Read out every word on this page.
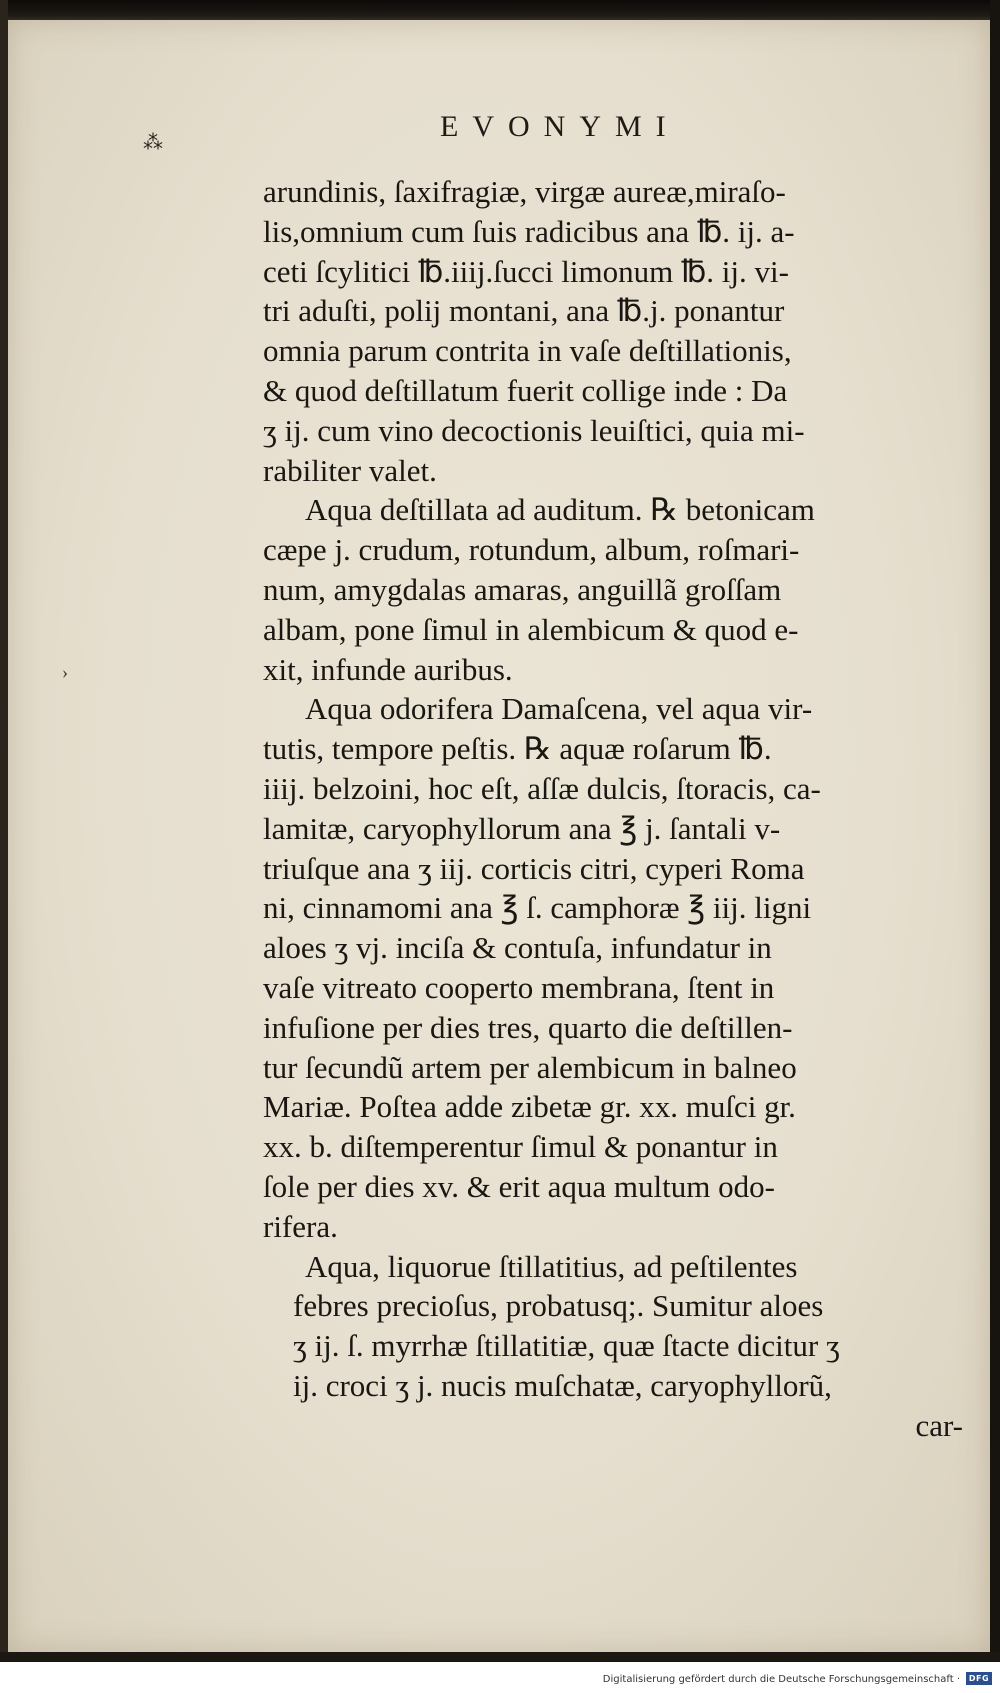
⁂	EVONYMI
›
arundinis, ſaxifragiæ, virgæ aureæ,miraſo-
lis,omnium cum ſuis radicibus ana ℔. ij. a-
ceti ſcylitici ℔.iiij.ſucci limonum ℔. ij. vi-
tri aduſti, polij montani, ana ℔.j. ponantur
omnia parum contrita in vaſe deſtillationis,
& quod deſtillatum fuerit collige inde : Da
ʒ ij. cum vino decoctionis leuiſtici, quia mi-
rabiliter valet.
Aqua deſtillata ad auditum. ℞ betonicam
cæpe j. crudum, rotundum, album, roſmari-
num, amygdalas amaras, anguillã groſſam
albam, pone ſimul in alembicum & quod e-
xit, infunde auribus.
Aqua odorifera Damaſcena, vel aqua vir-
tutis, tempore peſtis. ℞ aquæ roſarum ℔.
iiij. belzoini, hoc eſt, aſſæ dulcis, ſtoracis, ca-
lamitæ, caryophyllorum ana ℥ j. ſantali v-
triuſque ana ʒ iij. corticis citri, cyperi Roma
ni, cinnamomi ana ℥ ſ. camphoræ ℥ iij. ligni
aloes ʒ vj. inciſa & contuſa, infundatur in
vaſe vitreato cooperto membrana, ſtent in
infuſione per dies tres, quarto die deſtillen-
tur ſecundũ artem per alembicum in balneo
Mariæ. Poſtea adde zibetæ gr. xx. muſci gr.
xx. b. diſtemperentur ſimul & ponantur in
ſole per dies xv. & erit aqua multum odo-
rifera.
Aqua, liquorue ſtillatitius, ad peſtilentes
febres precioſus, probatusq;. Sumitur aloes
ʒ ij. ſ. myrrhæ ſtillatitiæ, quæ ſtacte dicitur ʒ
ij. croci ʒ j. nucis muſchatæ, caryophyllorũ,
car-
Digitalisierung gefördert durch die Deutsche Forschungsgemeinschaft ·	DFG
